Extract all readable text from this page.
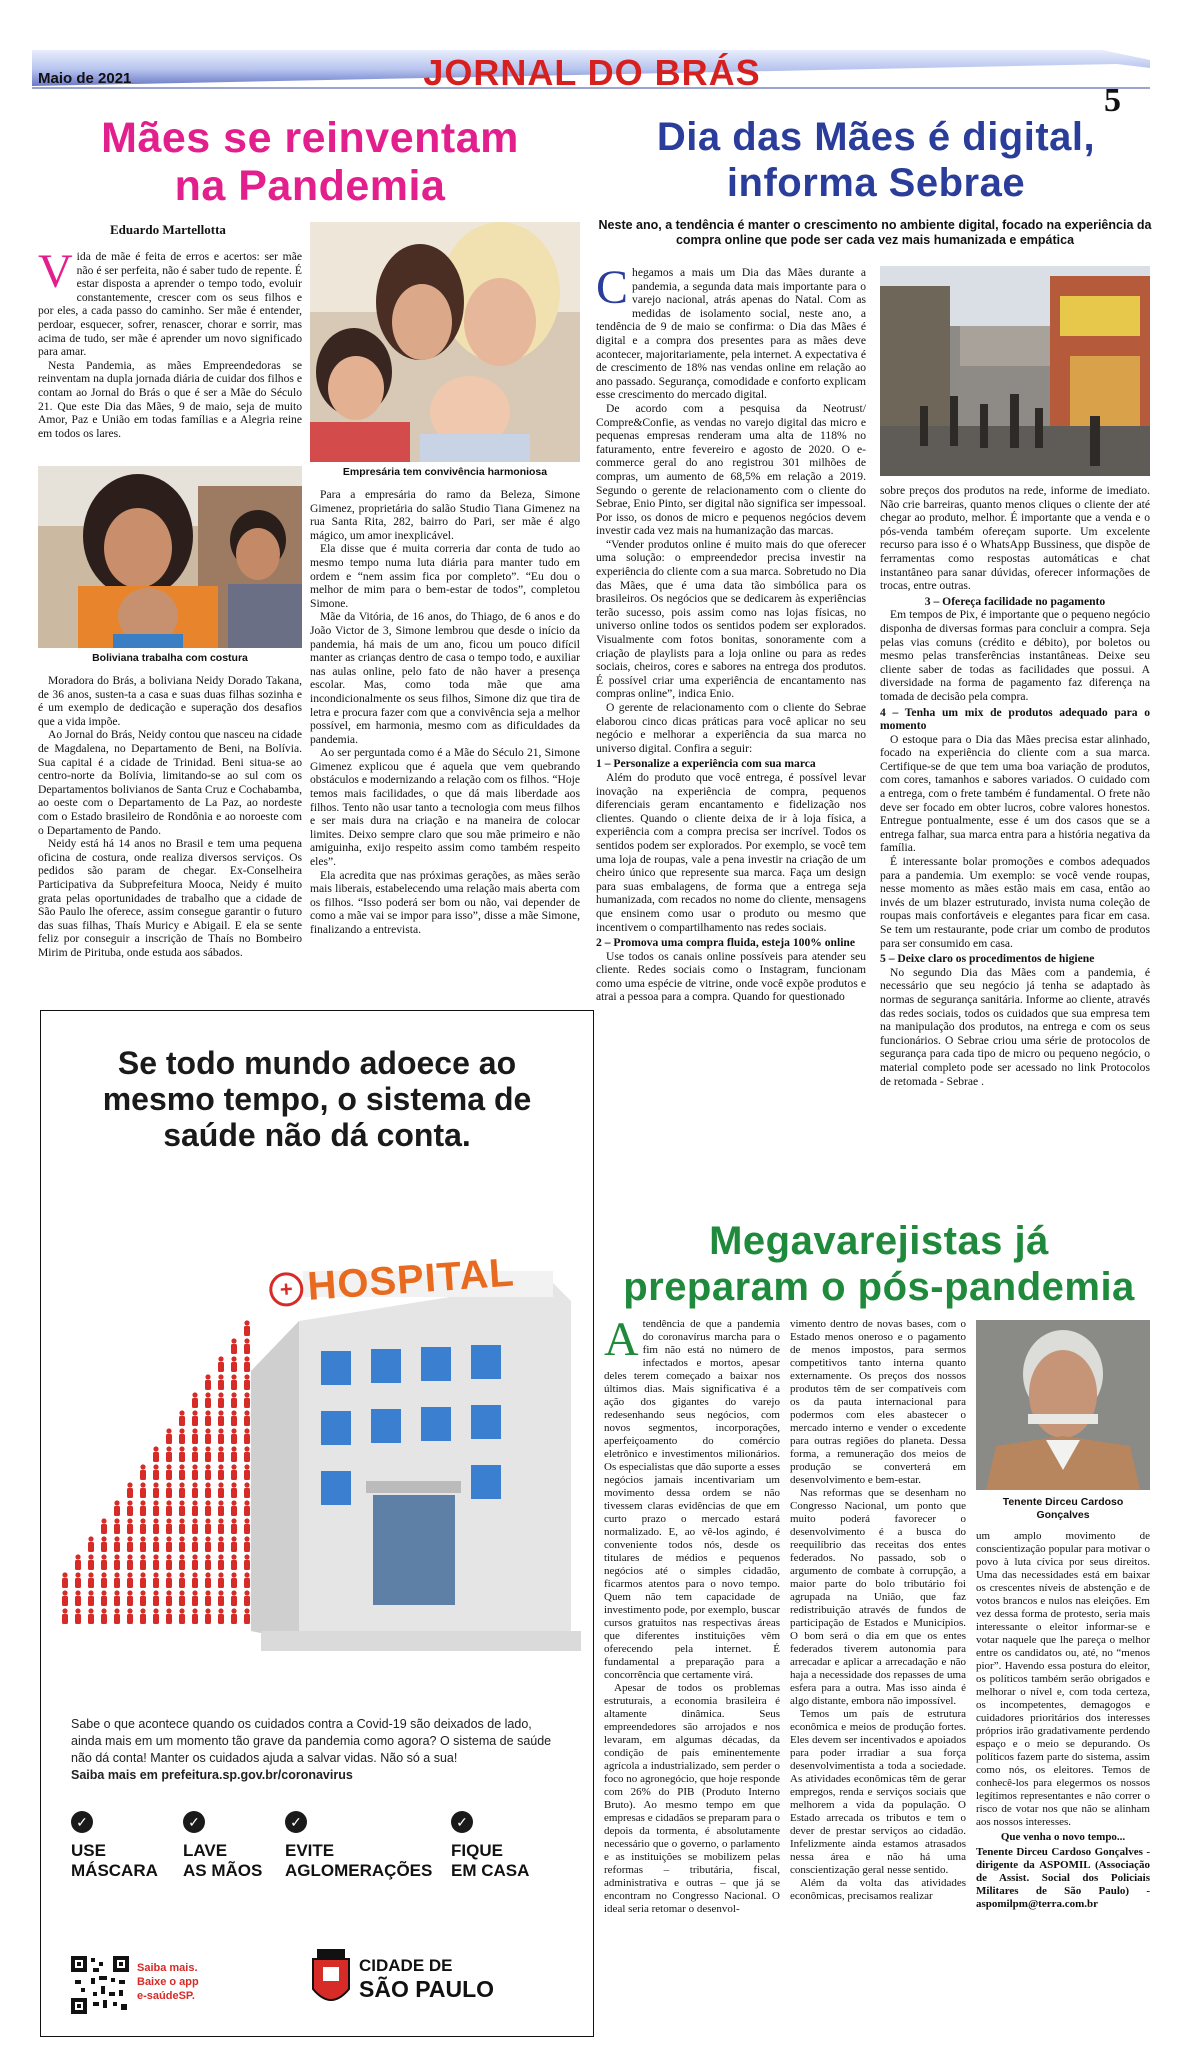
Maio de 2021	JORNAL DO BRÁS
5
Mães se reinventam
na Pandemia
Eduardo Martellotta
V ida de mãe é feita de erros e acertos: ser mãe não é ser perfeita, não é saber tudo de repente. É estar disposta a aprender o tempo todo, evoluir constantemente, crescer com os seus filhos e por eles, a cada passo do caminho. Ser mãe é entender, perdoar, esquecer, sofrer, renascer, chorar e sorrir, mas acima de tudo, ser mãe é aprender um novo significado para amar.

Nesta Pandemia, as mães Empreendedoras se reinventam na dupla jornada diária de cuidar dos filhos e contam ao Jornal do Brás o que é ser a Mãe do Século 21. Que este Dia das Mães, 9 de maio, seja de muito Amor, Paz e União em todas famílias e a Alegria reine em todos os lares.

Boliviana trabalha com costura

Moradora do Brás, a boliviana Neidy Dorado Takana, de 36 anos, susten-ta a casa e suas duas filhas sozinha e é um exemplo de dedicação e superação dos desafios que a vida impõe.

Ao Jornal do Brás, Neidy contou que nasceu na cidade de Magdalena, no Departamento de Beni, na Bolívia. Sua capital é a cidade de Trinidad. Beni situa-se ao centro-norte da Bolívia, limitando-se ao sul com os Departamentos bolivianos de Santa Cruz e Cochabamba, ao oeste com o Departamento de La Paz, ao nordeste com o Estado brasileiro de Rondônia e ao noroeste com o Departamento de Pando.

Neidy está há 14 anos no Brasil e tem uma pequena oficina de costura, onde realiza diversos serviços. Os pedidos são param de chegar. Ex-Conselheira Participativa da Subprefeitura Mooca, Neidy é muito grata pelas oportunidades de trabalho que a cidade de São Paulo lhe oferece, assim consegue garantir o futuro das suas filhas, Thaís Muricy e Abigail. E ela se sente feliz por conseguir a inscrição de Thaís no Bombeiro Mirim de Pirituba, onde estuda aos sábados.

Empresária tem convivência harmoniosa

Para a empresária do ramo da Beleza, Simone Gimenez, proprietária do salão Studio Tiana Gimenez na rua Santa Rita, 282, bairro do Pari, ser mãe é algo mágico, um amor inexplicável.

Ela disse que é muita correria dar conta de tudo ao mesmo tempo numa luta diária para manter tudo em ordem e “nem assim fica por completo”. “Eu dou o melhor de mim para o bem-estar de todos”, completou Simone.

Mãe da Vitória, de 16 anos, do Thiago, de 6 anos e do João Victor de 3, Simone lembrou que desde o início da pandemia, há mais de um ano, ficou um pouco difícil manter as crianças dentro de casa o tempo todo, e auxiliar nas aulas online, pelo fato de não haver a presença escolar. Mas, como toda mãe que ama incondicionalmente os seus filhos, Simone diz que tira de letra e procura fazer com que a convivência seja a melhor possível, em harmonia, mesmo com as dificuldades da pandemia.

Ao ser perguntada como é a Mãe do Século 21, Simone Gimenez explicou que é aquela que vem quebrando obstáculos e modernizando a relação com os filhos. “Hoje temos mais facilidades, o que dá mais liberdade aos filhos. Tento não usar tanto a tecnologia com meus filhos e ser mais dura na criação e na maneira de colocar limites. Deixo sempre claro que sou mãe primeiro e não amiguinha, exijo respeito assim como também respeito eles”.

Ela acredita que nas próximas gerações, as mães serão mais liberais, estabelecendo uma relação mais aberta com os filhos. “Isso poderá ser bom ou não, vai depender de como a mãe vai se impor para isso”, disse a mãe Simone, finalizando a entrevista.

Dia das Mães é digital,
informa Sebrae
Neste ano, a tendência é manter o crescimento no ambiente digital, focado na experiência da compra online que pode ser cada vez mais humanizada e empática
C hegamos a mais um Dia das Mães durante a pandemia, a segunda data mais importante para o varejo nacional, atrás apenas do Natal. Com as medidas de isolamento social, neste ano, a tendência de 9 de maio se confirma: o Dia das Mães é digital e a compra dos presentes para as mães deve acontecer, majoritariamente, pela internet. A expectativa é de crescimento de 18% nas vendas online em relação ao ano passado. Segurança, comodidade e conforto explicam esse crescimento do mercado digital.

De acordo com a pesquisa da Neotrust/ Compre&Confie, as vendas no varejo digital das micro e pequenas empresas renderam uma alta de 118% no faturamento, entre fevereiro e agosto de 2020. O e-commerce geral do ano registrou 301 milhões de compras, um aumento de 68,5% em relação a 2019. Segundo o gerente de relacionamento com o cliente do Sebrae, Enio Pinto, ser digital não significa ser impessoal. Por isso, os donos de micro e pequenos negócios devem investir cada vez mais na humanização das marcas.

“Vender produtos online é muito mais do que oferecer uma solução: o empreendedor precisa investir na experiência do cliente com a sua marca. Sobretudo no Dia das Mães, que é uma data tão simbólica para os brasileiros. Os negócios que se dedicarem às experiências terão sucesso, pois assim como nas lojas físicas, no universo online todos os sentidos podem ser explorados. Visualmente com fotos bonitas, sonoramente com a criação de playlists para a loja online ou para as redes sociais, cheiros, cores e sabores na entrega dos produtos. É possível criar uma experiência de encantamento nas compras online”, indica Enio.

O gerente de relacionamento com o cliente do Sebrae elaborou cinco dicas práticas para você aplicar no seu negócio e melhorar a experiência da sua marca no universo digital. Confira a seguir:

1 – Personalize a experiência com sua marca

Além do produto que você entrega, é possível levar inovação na experiência de compra, pequenos diferenciais geram encantamento e fidelização nos clientes. Quando o cliente deixa de ir à loja física, a experiência com a compra precisa ser incrível. Todos os sentidos podem ser explorados. Por exemplo, se você tem uma loja de roupas, vale a pena investir na criação de um cheiro único que represente sua marca. Faça um design para suas embalagens, de forma que a entrega seja humanizada, com recados no nome do cliente, mensagens que ensinem como usar o produto ou mesmo que incentivem o compartilhamento nas redes sociais.

2 – Promova uma compra fluida, esteja 100% online

Use todos os canais online possíveis para atender seu cliente. Redes sociais como o Instagram, funcionam como uma espécie de vitrine, onde você expõe produtos e atrai a pessoa para a compra. Quando for questionado

sobre preços dos produtos na rede, informe de imediato. Não crie barreiras, quanto menos cliques o cliente der até chegar ao produto, melhor. É importante que a venda e o pós-venda também ofereçam suporte. Um excelente recurso para isso é o WhatsApp Bussiness, que dispõe de ferramentas como respostas automáticas e chat instantâneo para sanar dúvidas, oferecer informações de trocas, entre outras.

3 – Ofereça facilidade no pagamento

Em tempos de Pix, é importante que o pequeno negócio disponha de diversas formas para concluir a compra. Seja pelas vias comuns (crédito e débito), por boletos ou mesmo pelas transferências instantâneas. Deixe seu cliente saber de todas as facilidades que possui. A diversidade na forma de pagamento faz diferença na tomada de decisão pela compra.

4 – Tenha um mix de produtos adequado para o momento

O estoque para o Dia das Mães precisa estar alinhado, focado na experiência do cliente com a sua marca. Certifique-se de que tem uma boa variação de produtos, com cores, tamanhos e sabores variados. O cuidado com a entrega, com o frete também é fundamental. O frete não deve ser focado em obter lucros, cobre valores honestos. Entregue pontualmente, esse é um dos casos que se a entrega falhar, sua marca entra para a história negativa da família.

É interessante bolar promoções e combos adequados para a pandemia. Um exemplo: se você vende roupas, nesse momento as mães estão mais em casa, então ao invés de um blazer estruturado, invista numa coleção de roupas mais confortáveis e elegantes para ficar em casa. Se tem um restaurante, pode criar um combo de produtos para ser consumido em casa.

5 – Deixe claro os procedimentos de higiene

No segundo Dia das Mães com a pandemia, é necessário que seu negócio já tenha se adaptado às normas de segurança sanitária. Informe ao cliente, através das redes sociais, todos os cuidados que sua empresa tem na manipulação dos produtos, na entrega e com os seus funcionários. O Sebrae criou uma série de protocolos de segurança para cada tipo de micro ou pequeno negócio, o material completo pode ser acessado no link Protocolos de retomada - Sebrae .

Megavarejistas já
preparam o pós-pandemia
A tendência de que a pandemia do coronavírus marcha para o fim não está no número de infectados e mortos, apesar deles terem começado a baixar nos últimos dias. Mais significativa é a ação dos gigantes do varejo redesenhando seus negócios, com novos segmentos, incorporações, aperfeiçoamento do comércio eletrônico e investimentos milionários. Os especialistas que dão suporte a esses negócios jamais incentivariam um movimento dessa ordem se não tivessem claras evidências de que em curto prazo o mercado estará normalizado. E, ao vê-los agindo, é conveniente todos nós, desde os titulares de médios e pequenos negócios até o simples cidadão, ficarmos atentos para o novo tempo. Quem não tem capacidade de investimento pode, por exemplo, buscar cursos gratuitos nas respectivas áreas que diferentes instituições vêm oferecendo pela internet. É fundamental a preparação para a concorrência que certamente virá.

Apesar de todos os problemas estruturais, a economia brasileira é altamente dinâmica. Seus empreendedores são arrojados e nos levaram, em algumas décadas, da condição de país eminentemente agrícola a industrializado, sem perder o foco no agronegócio, que hoje responde com 26% do PIB (Produto Interno Bruto). Ao mesmo tempo em que empresas e cidadãos se preparam para o depois da tormenta, é absolutamente necessário que o governo, o parlamento e as instituições se mobilizem pelas reformas – tributária, fiscal, administrativa e outras – que já se encontram no Congresso Nacional. O ideal seria retomar o desenvol-

vimento dentro de novas bases, com o Estado menos oneroso e o pagamento de menos impostos, para sermos competitivos tanto interna quanto externamente. Os preços dos nossos produtos têm de ser compatíveis com os da pauta internacional para podermos com eles abastecer o mercado interno e vender o excedente para outras regiões do planeta. Dessa forma, a remuneração dos meios de produção se converterá em desenvolvimento e bem-estar.

Nas reformas que se desenham no Congresso Nacional, um ponto que muito poderá favorecer o desenvolvimento é a busca do reequilíbrio das receitas dos entes federados. No passado, sob o argumento de combate à corrupção, a maior parte do bolo tributário foi agrupada na União, que faz redistribuição através de fundos de participação de Estados e Municípios. O bom será o dia em que os entes federados tiverem autonomia para arrecadar e aplicar a arrecadação e não haja a necessidade dos repasses de uma esfera para a outra. Mas isso ainda é algo distante, embora não impossível.

Temos um país de estrutura econômica e meios de produção fortes. Eles devem ser incentivados e apoiados para poder irradiar a sua força desenvolvimentista a toda a sociedade. As atividades econômicas têm de gerar empregos, renda e serviços sociais que melhorem a vida da população. O Estado arrecada os tributos e tem o dever de prestar serviços ao cidadão. Infelizmente ainda estamos atrasados nessa área e não há uma conscientização geral nesse sentido.

Além da volta das atividades econômicas, precisamos realizar

Tenente Dirceu Cardoso Gonçalves

um amplo movimento de conscientização popular para motivar o povo à luta cívica por seus direitos. Uma das necessidades está em baixar os crescentes níveis de abstenção e de votos brancos e nulos nas eleições. Em vez dessa forma de protesto, seria mais interessante o eleitor informar-se e votar naquele que lhe pareça o melhor entre os candidatos ou, até, no “menos pior”. Havendo essa postura do eleitor, os políticos também serão obrigados e melhorar o nível e, com toda certeza, os incompetentes, demagogos e cuidadores prioritários dos interesses próprios irão gradativamente perdendo espaço e o meio se depurando. Os políticos fazem parte do sistema, assim como nós, os eleitores. Temos de conhecê-los para elegermos os nossos legítimos representantes e não correr o risco de votar nos que não se alinham aos nossos interesses.

Que venha o novo tempo...

Tenente Dirceu Cardoso Gonçalves - dirigente da ASPOMIL (Associação de Assist. Social dos Policiais Militares de São Paulo) - aspomilpm@terra.com.br

Se todo mundo adoece ao mesmo tempo, o sistema de saúde não dá conta.
+ HOSPITAL
Sabe o que acontece quando os cuidados contra a Covid-19 são deixados de lado, ainda mais em um momento tão grave da pandemia como agora? O sistema de saúde não dá conta! Manter os cuidados ajuda a salvar vidas. Não só a sua!
Saiba mais em prefeitura.sp.gov.br/coronavirus
✓
USE
MÁSCARA
✓
LAVE
AS MÃOS
✓
EVITE
AGLOMERAÇÕES
✓
FIQUE
EM CASA
Saiba mais.
Baixe o app
e-saúdeSP.
CIDADE DE
SÃO PAULO
